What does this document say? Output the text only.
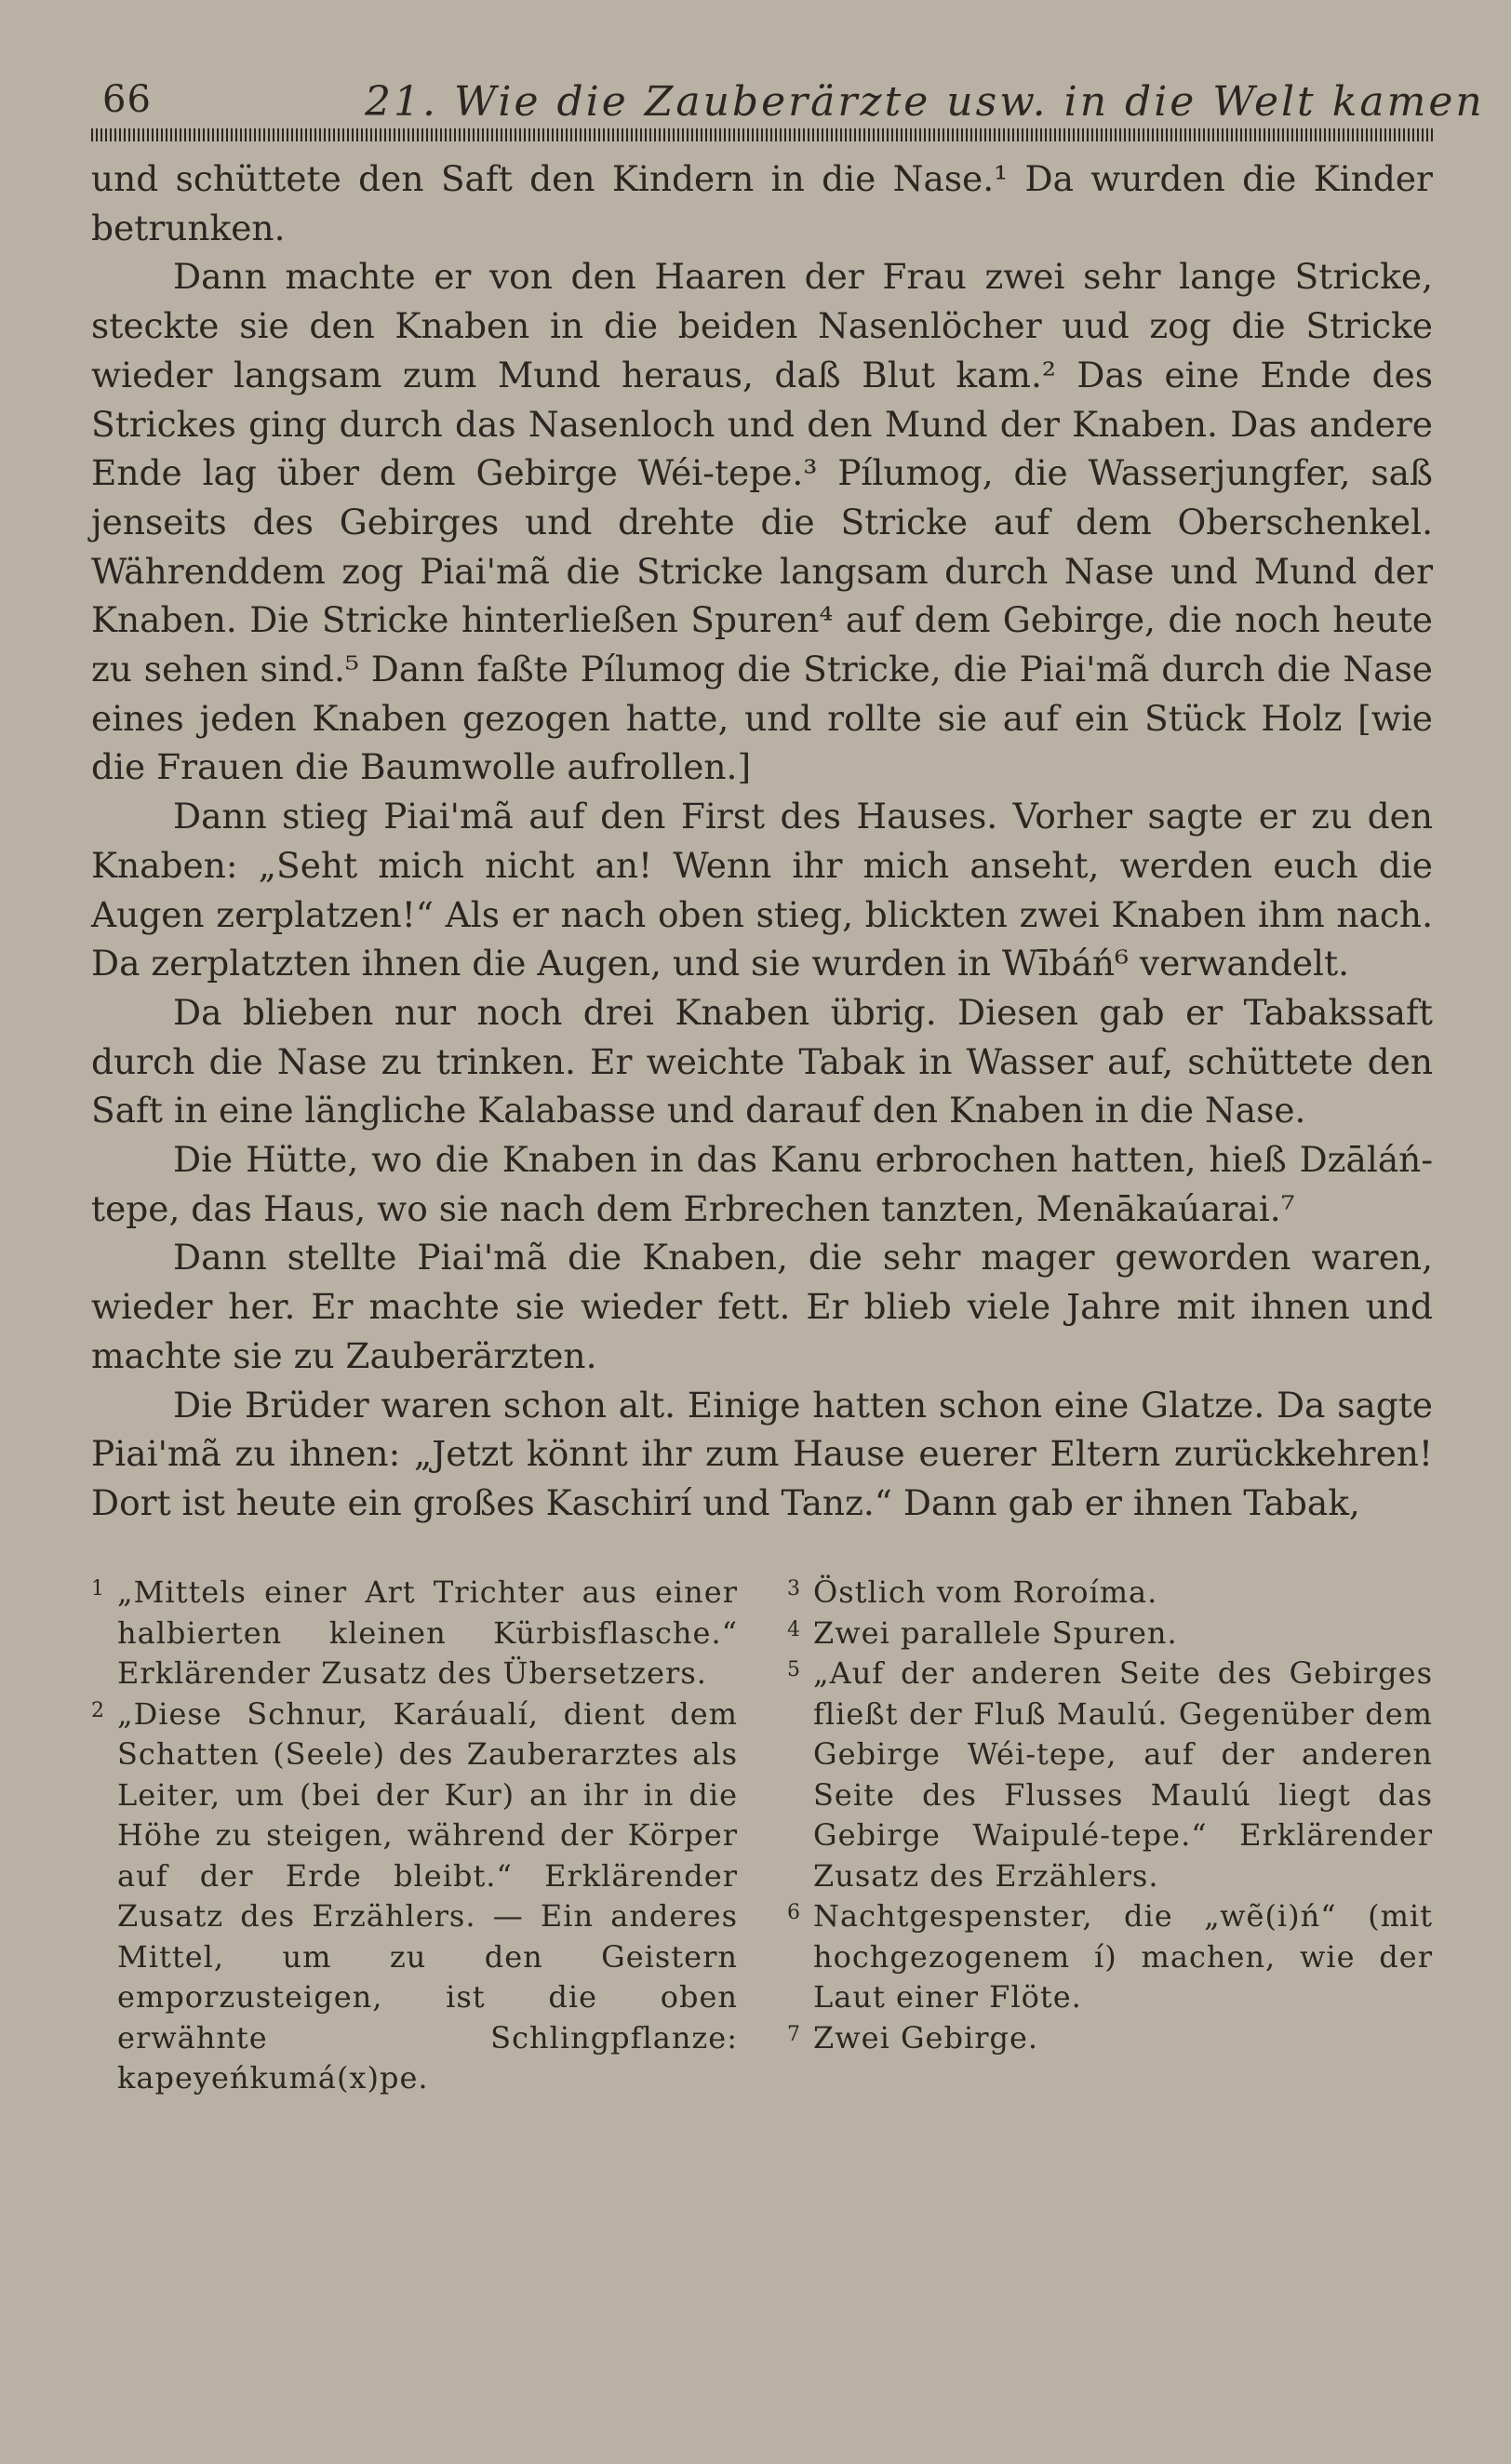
66	21. Wie die Zauberärzte usw. in die Welt kamen

und schüttete den Saft den Kindern in die Nase.¹ Da wurden die Kinder betrunken.

Dann machte er von den Haaren der Frau zwei sehr lange Stricke, steckte sie den Knaben in die beiden Nasenlöcher uud zog die Stricke wieder langsam zum Mund heraus, daß Blut kam.² Das eine Ende des Strickes ging durch das Nasenloch und den Mund der Knaben. Das andere Ende lag über dem Gebirge Wéi-tepe.³ Pílumog, die Wasserjungfer, saß jenseits des Gebirges und drehte die Stricke auf dem Oberschenkel. Währenddem zog Piai'mã die Stricke langsam durch Nase und Mund der Knaben. Die Stricke hinterließen Spuren⁴ auf dem Gebirge, die noch heute zu sehen sind.⁵ Dann faßte Pílumog die Stricke, die Piai'mã durch die Nase eines jeden Knaben gezogen hatte, und rollte sie auf ein Stück Holz [wie die Frauen die Baumwolle aufrollen.]

Dann stieg Piai'mã auf den First des Hauses. Vorher sagte er zu den Knaben: „Seht mich nicht an! Wenn ihr mich anseht, werden euch die Augen zerplatzen!“ Als er nach oben stieg, blickten zwei Knaben ihm nach. Da zerplatzten ihnen die Augen, und sie wurden in Wībáń⁶ verwandelt.

Da blieben nur noch drei Knaben übrig. Diesen gab er Tabakssaft durch die Nase zu trinken. Er weichte Tabak in Wasser auf, schüttete den Saft in eine längliche Kalabasse und darauf den Knaben in die Nase.

Die Hütte, wo die Knaben in das Kanu erbrochen hatten, hieß Dzāláń-tepe, das Haus, wo sie nach dem Erbrechen tanzten, Menākaúarai.⁷

Dann stellte Piai'mã die Knaben, die sehr mager geworden waren, wieder her. Er machte sie wieder fett. Er blieb viele Jahre mit ihnen und machte sie zu Zauberärzten.

Die Brüder waren schon alt. Einige hatten schon eine Glatze. Da sagte Piai'mã zu ihnen: „Jetzt könnt ihr zum Hause euerer Eltern zurückkehren! Dort ist heute ein großes Kaschirí und Tanz.“ Dann gab er ihnen Tabak,

1 „Mittels einer Art Trichter aus einer halbierten kleinen Kürbisflasche.“ Erklärender Zusatz des Übersetzers.

2 „Diese Schnur, Karáualí, dient dem Schatten (Seele) des Zauberarztes als Leiter, um (bei der Kur) an ihr in die Höhe zu steigen, während der Körper auf der Erde bleibt.“ Erklärender Zusatz des Erzählers. — Ein anderes Mittel, um zu den Geistern emporzusteigen, ist die oben erwähnte Schlingpflanze: kapeyeńkumá(x)pe.

3 Östlich vom Roroíma.

4 Zwei parallele Spuren.

5 „Auf der anderen Seite des Gebirges fließt der Fluß Maulú. Gegenüber dem Gebirge Wéi-tepe, auf der anderen Seite des Flusses Maulú liegt das Gebirge Waipulé-tepe.“ Erklärender Zusatz des Erzählers.

6 Nachtgespenster, die „wẽ(i)ń“ (mit hochgezogenem í) machen, wie der Laut einer Flöte.

7 Zwei Gebirge.
